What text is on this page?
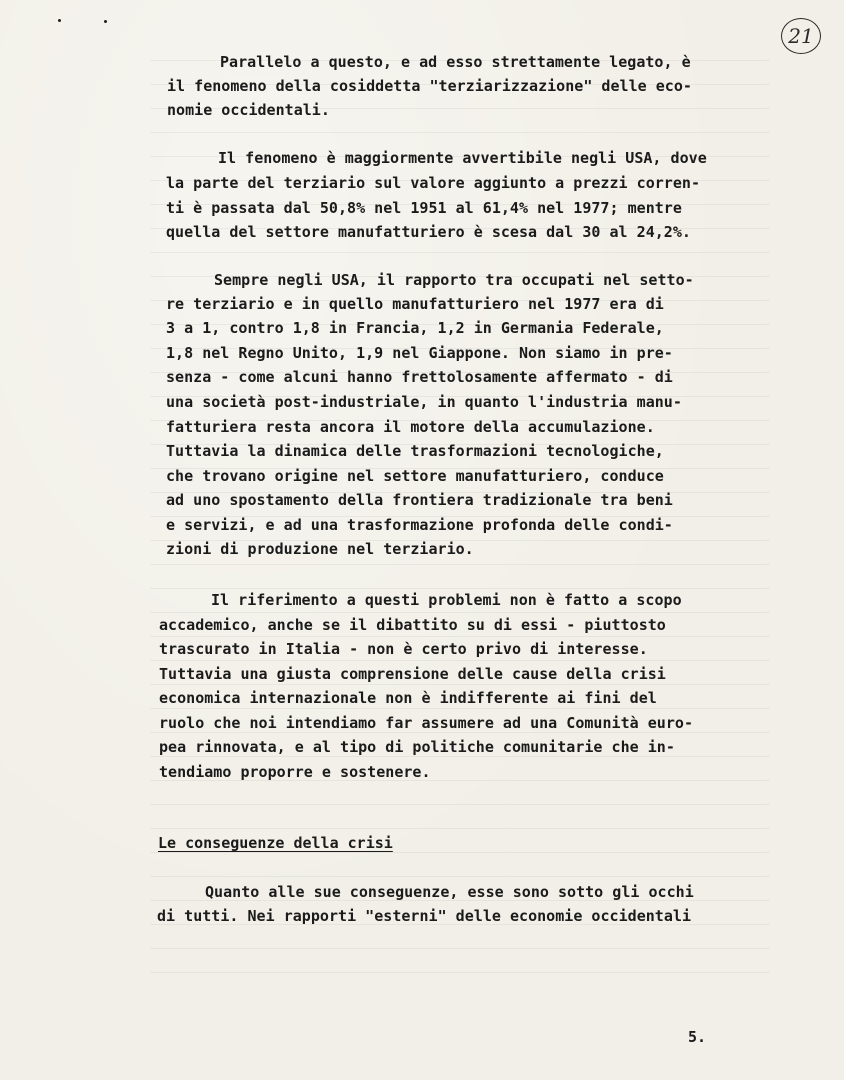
21
Parallelo a questo, e ad esso strettamente legato, è
il fenomeno della cosiddetta "terziarizzazione" delle eco-
nomie occidentali.
Il fenomeno è maggiormente avvertibile negli USA, dove
la parte del terziario sul valore aggiunto a prezzi corren-
ti è passata dal 50,8% nel 1951 al 61,4% nel 1977; mentre
quella del settore manufatturiero è scesa dal 30 al 24,2%.
Sempre negli USA, il rapporto tra occupati nel setto-
re terziario e in quello manufatturiero nel 1977 era di
3 a 1, contro 1,8 in Francia, 1,2 in Germania Federale,
1,8 nel Regno Unito, 1,9 nel Giappone. Non siamo in pre-
senza - come alcuni hanno frettolosamente affermato - di
una società post-industriale, in quanto l'industria manu-
fatturiera resta ancora il motore della accumulazione.
Tuttavia la dinamica delle trasformazioni tecnologiche,
che trovano origine nel settore manufatturiero, conduce
ad uno spostamento della frontiera tradizionale tra beni
e servizi, e ad una trasformazione profonda delle condi-
zioni di produzione nel terziario.
Il riferimento a questi problemi non è fatto a scopo
accademico, anche se il dibattito su di essi - piuttosto
trascurato in Italia - non è certo privo di interesse.
Tuttavia una giusta comprensione delle cause della crisi
economica internazionale non è indifferente ai fini del
ruolo che noi intendiamo far assumere ad una Comunità euro-
pea rinnovata, e al tipo di politiche comunitarie che in-
tendiamo proporre e sostenere.
Le conseguenze della crisi
Quanto alle sue conseguenze, esse sono sotto gli occhi
di tutti. Nei rapporti "esterni" delle economie occidentali
5.
